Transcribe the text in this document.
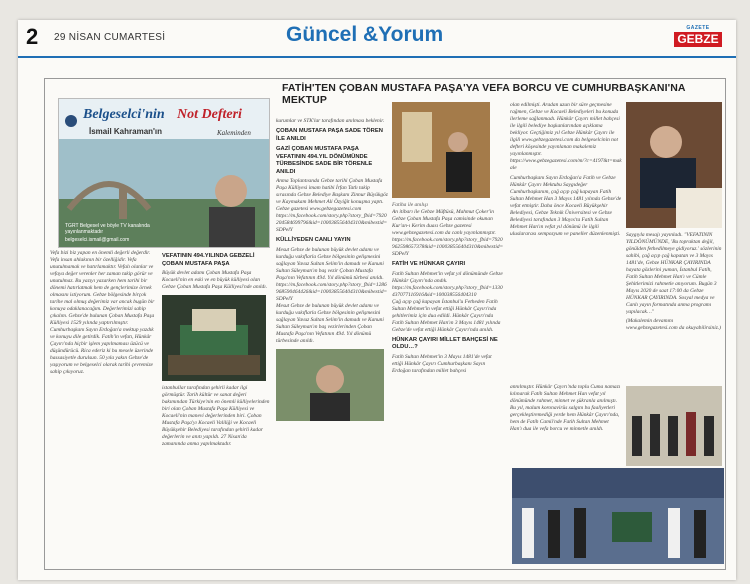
2 29 NİSAN CUMARTESİ	Güncel &Yorum	GAZETE
GEBZE
FATİH'TEN ÇOBAN MUSTAFA PAŞA'YA VEFA BORCU VE CUMHURBAŞKANI'NA MEKTUP
Belgeselci'nin Not Defteri
İsmail Kahraman'ın	Kaleminden
TGRT Belgesel ve böyle TV kanalında yayınlanmaktadır
belgeselci.ismail@gmail.com
Vefa bizi biz yapan en önemli değerli değerdir. Vefa insan ahlakının bir özelliğidir. Vefa unutulmamak ve hatırlamaktır. Vefalı olanlar ve vefaya değer verenler her zaman takip görür ve unutulmaz. Bu yazıyı yazarken hem tarihi bir dönemi hatırlatmak hem de gençlerimize örnek olmasını istiyorum. Gebze bölgesinde birçok tarihe mal olmuş değerimiz var ancak bugün bir konuya odaklanacağım. Değerlerimizi sahip çıkalım. Gebze'de bulunan Çoban Mustafa Paşa Külliyesi 1529 yılında yaptırılmıştır. Cumhurbaşkanı Sayın Erdoğan'a mektup yazdık ve konuyu dile getirdik. Fatih'in vefatı, Hünkâr Çayırı'nda hiçbir işlem yapılmaması üzücü ve düşündürücü. Rica ederiz ki bu mesele üzerinde hassasiyetle durulsun. 50 yıla yakın Gebze'de yaşıyorum ve belgeselci olarak tarihi çevremize sahip çıkıyoruz.
VEFATININ 494.YILINDA GEBZELİ ÇOBAN MUSTAFA PAŞA
Büyük devlet adamı Çoban Mustafa Paşa Kocaeli'nin en eski ve en büyük külliyesi olan Gebze Çoban Mustafa Paşa Külliyesi'nde anıldı.
istanbullar tarafından şehirli kadar ilgi görmüştür. Tarih kültür ve sanat değeri bakımından Türkiye'nin en önemli külliyelerinden biri olan Çoban Mustafa Paşa Külliyesi ve Kocaeli'nin manevi değerlerinden biri. Çoban Mustafa Paşa'yı Kocaeli Valiliği ve Kocaeli Büyükşehir Belediyesi tarafından şehirli kadar değerlerin ve anıtı yapıldı. 27 Nisan'da zamanında anma yapılmaktadır.
kurumlar ve STK'lar tarafından anılması beklenir.
ÇOBAN MUSTAFA PAŞA SADE TÖREN İLE ANILDI
GAZİ ÇOBAN MUSTAFA PAŞA VEFATININ 494.YIL DÖNÜMÜNDE TÜRBESİNDE SADE BİR TÖRENLE ANILDI
Anma Toplantısında Gebze tarihi Çoban Mustafa Paşa Külliyesi imam hatibi İrfan Tatlı takip sırasında Gebze Belediye Başkanı Zinnur Büyükgöz ve Kaymakam Mehmet Ali Özyiğit konuşma yaptı. Gebze gazetesi www.gebzegazetesi.com
https://m.facebook.com/story.php?story_fbid=7920204584699796&id=100038556404310&mibextid=SDPelY
KÜLLİYEDEN CANLI YAYIN
Mesut Gebze de bulunan büyük devlet adamı ve kurduğu vakıflarla Gebze bölgesinin gelişmesini sağlayan Yavuz Sultan Selim'in damadı ve Kanuni Sultan Süleyman'ın baş vezir Çoban Mustafa Paşa'nın Vefatının 494. Yıl dönümü türbesi anıldı.
https://m.facebook.com/story.php?story_fbid=1286968590464426&id=100038556404310&mibextid=SDPelY
Mesut Gebze de bulunan büyük devlet adamı ve kurduğu vakıflarla Gebze bölgesinin gelişmesini sağlayan Yavuz Sultan Selim'in damadı ve Kanuni Sultan Süleyman'ın baş vezirlerinden Çoban Mustafa Paşa'nın Vefatının 494. Yıl dönümü türbesinde anıldı.
Fatiha ile anılışı
An itibarı ile Gebze Müftüsü, Mahmut Çoker'in Gebze Çoban Mustafa Paşa camisinde okunan Kur'an-ı Kerim duası Gebze gazetesi www.gebzegazetesi.com da canlı yayınlanmıştır.
https://m.facebook.com/story.php?story_fbid=7920962598657378&id=100038556404310&mibextid=SDPelY
FATİH VE HÜNKAR ÇAYIRI
Fatih Sultan Mehmet'in vefat yıl dönümünde Gebze Hünkâr Çayırı'nda andık.
https://m.facebook.com/story.php?story_fbid=1330437077116916&id=100038556404310
Çağ açıp çağ kapayan İstanbul'u Fetheden Fatih Sultan Mehmet'in vefat ettiği Hünkâr Çayırı'nda şehitlerimiz için dua edildi. Hünkâr Çayırı'nda Fatih Sultan Mehmet Han'ın 3 Mayıs 1481 yılında Gebze'de vefat ettiği Hünkâr Çayırı'nda anıldı.
HÜNKAR ÇAYIRI MİLLET BAHÇESİ NE OLDU…?
Fatih Sultan Mehmet'in 3 Mayıs 1481'de vefat ettiği Hünkâr Çayırı Cumhurbaşkanı Sayın Erdoğan tarafından millet bahçesi
olan edilmişti. Aradan uzun bir süre geçmesine rağmen, Gebze ve Kocaeli Belediyeleri bu konuda ilerleme sağlanmadı. Hünkâr Çayırı millet bahçesi ile ilgili belediye başkanlarından açıklama bekliyor. Geçtiğimiz yıl Gebze Hünkâr Çayırı ile ilgili www.gebzegazetesi.com da belgeselcinin not defteri köşesinde yayınlanan makalemiz yayınlanmıştır.
https://www.gebzegazetesi.com/m/?c=4197&t=makale
Cumhurbaşkanı Sayın Erdoğan'a Fatih ve Gebze Hünkâr Çayırı Mektubu Saygıdeğer Cumhurbaşkanım, çağ açıp çağ kapayan Fatih Sultan Mehmet Han 3 Mayıs 1481 yılında Gebze'de vefat etmiştir. Daha önce Kocaeli Büyükşehir Belediyesi, Gebze Teknik Üniversitesi ve Gebze Belediyesi tarafından 3 Mayıs'ta Fatih Sultan Mehmet Han'ın vefat yıl dönümü ile ilgili uluslararası sempozyum ve paneller düzenlenmişti.	Saygıyla mesajı yayınladı. "VEFATININ YILDÖNÜMÜNDE, 'Bu topraktan değil, gönülden fethedilmeye gidiyoruz.' sözlerinin sahibi, çağ açıp çağ kapatan ve 3 Mayıs 1481'de, Gebze HÜNKAR ÇAYIRINDA hayata gözlerini yuman, İstanbul Fatih, Fatih Sultan Mehmet Han'ı ve Cümle Şehitlerimizi rahmetle anıyorum. Bugün 3 Mayıs 2020 de saat 17:00 da Gebze HÜNKAR ÇAYIRINDA. Sosyal medya ve Canlı yayın formatında anma programı yapılacak…"
(Makalemin devamını www.gebzegazetesi.com da okuyabilirsiniz.)
annılmıştır. Hünkâr Çayırı'nda toplu Cuma namazı kılınarak Fatih Sultan Mehmet Han vefat yıl dönümünde rahmet, minnet ve şükranla anılmıştı. Bu yıl, malum koronavirüs salgını bu faaliyetleri gerçekleştiremediği yerde hem Hünkâr Çayırı'nda, hem de Fatih Camii'nde Fatih Sultan Mehmet Han'ı dua ile vefa borcu ve minnetle anıldı.
